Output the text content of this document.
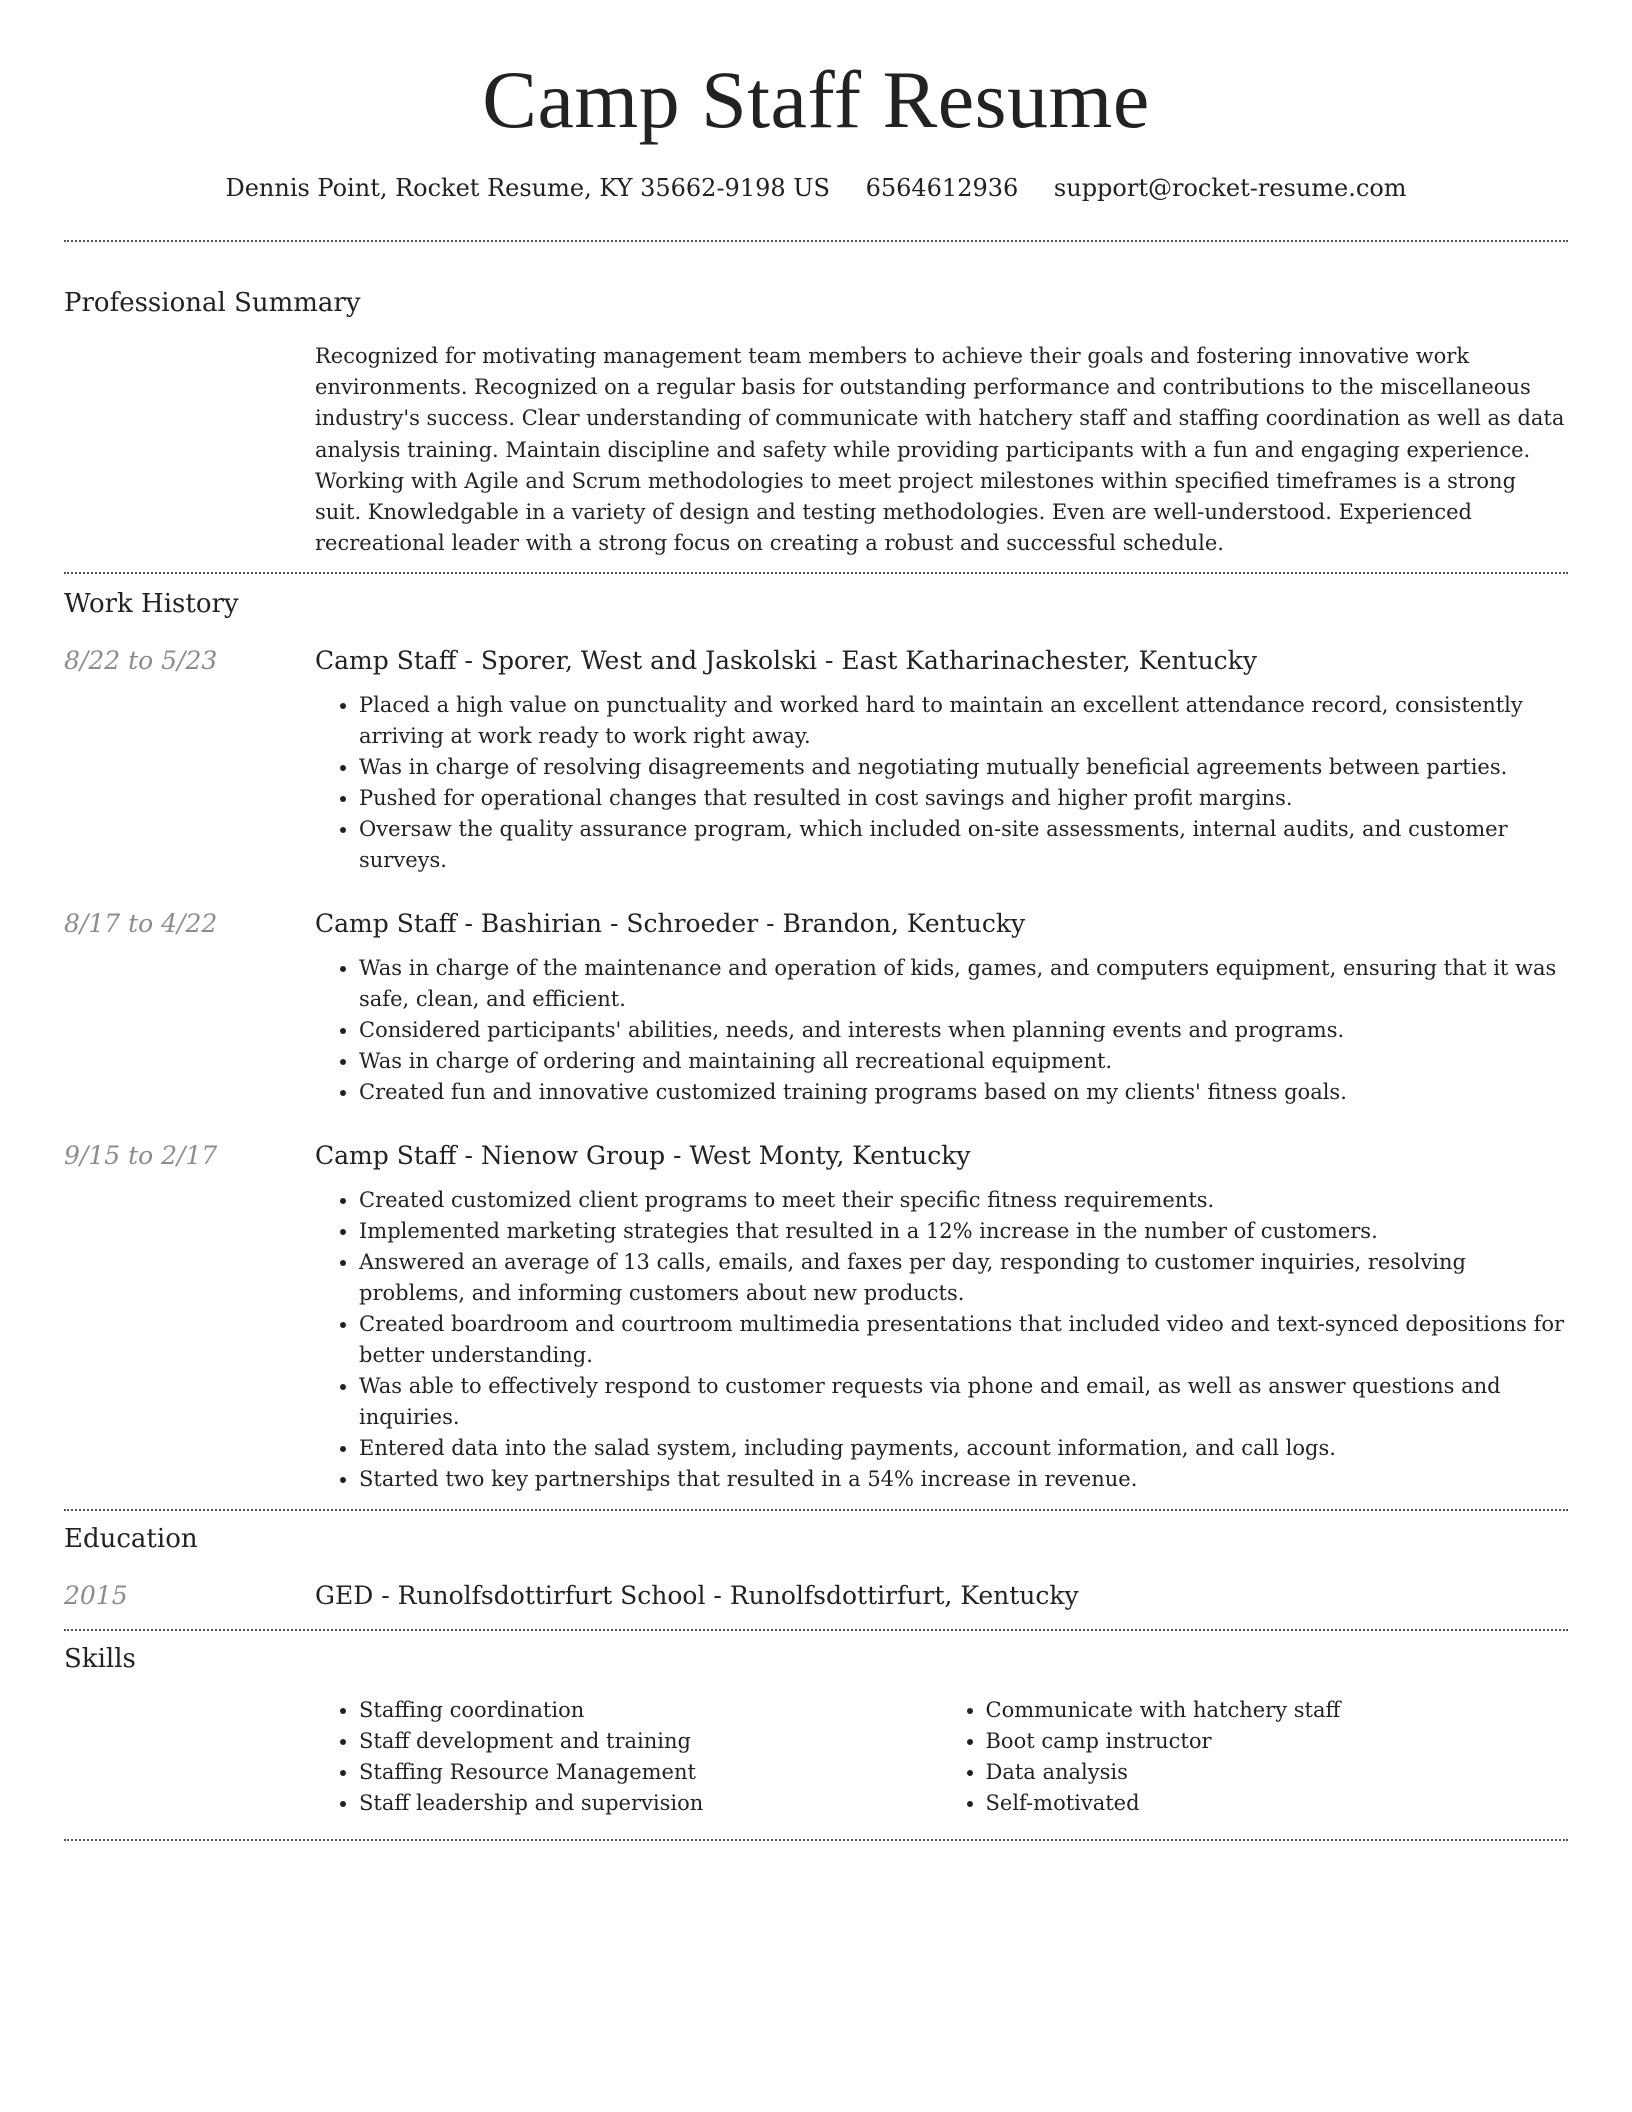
Camp Staff Resume
Dennis Point, Rocket Resume, KY 35662-9198 US 6564612936 support@rocket-resume.com
Professional Summary
Recognized for motivating management team members to achieve their goals and fostering innovative work environments. Recognized on a regular basis for outstanding performance and contributions to the miscellaneous industry's success. Clear understanding of communicate with hatchery staff and staffing coordination as well as data analysis training. Maintain discipline and safety while providing participants with a fun and engaging experience. Working with Agile and Scrum methodologies to meet project milestones within specified timeframes is a strong suit. Knowledgable in a variety of design and testing methodologies. Even are well-understood. Experienced recreational leader with a strong focus on creating a robust and successful schedule.
Work History
8/22 to 5/23	Camp Staff - Sporer, West and Jaskolski - East Katharinachester, Kentucky
• Placed a high value on punctuality and worked hard to maintain an excellent attendance record, consistently arriving at work ready to work right away.
• Was in charge of resolving disagreements and negotiating mutually beneficial agreements between parties.
• Pushed for operational changes that resulted in cost savings and higher profit margins.
• Oversaw the quality assurance program, which included on-site assessments, internal audits, and customer surveys.
8/17 to 4/22	Camp Staff - Bashirian - Schroeder - Brandon, Kentucky
• Was in charge of the maintenance and operation of kids, games, and computers equipment, ensuring that it was safe, clean, and efficient.
• Considered participants' abilities, needs, and interests when planning events and programs.
• Was in charge of ordering and maintaining all recreational equipment.
• Created fun and innovative customized training programs based on my clients' fitness goals.
9/15 to 2/17	Camp Staff - Nienow Group - West Monty, Kentucky
• Created customized client programs to meet their specific fitness requirements.
• Implemented marketing strategies that resulted in a 12% increase in the number of customers.
• Answered an average of 13 calls, emails, and faxes per day, responding to customer inquiries, resolving problems, and informing customers about new products.
• Created boardroom and courtroom multimedia presentations that included video and text-synced depositions for better understanding.
• Was able to effectively respond to customer requests via phone and email, as well as answer questions and inquiries.
• Entered data into the salad system, including payments, account information, and call logs.
• Started two key partnerships that resulted in a 54% increase in revenue.
Education
2015	GED - Runolfsdottirfurt School - Runolfsdottirfurt, Kentucky
Skills
• Staffing coordination
• Staff development and training
• Staffing Resource Management
• Staff leadership and supervision
• Communicate with hatchery staff
• Boot camp instructor
• Data analysis
• Self-motivated
